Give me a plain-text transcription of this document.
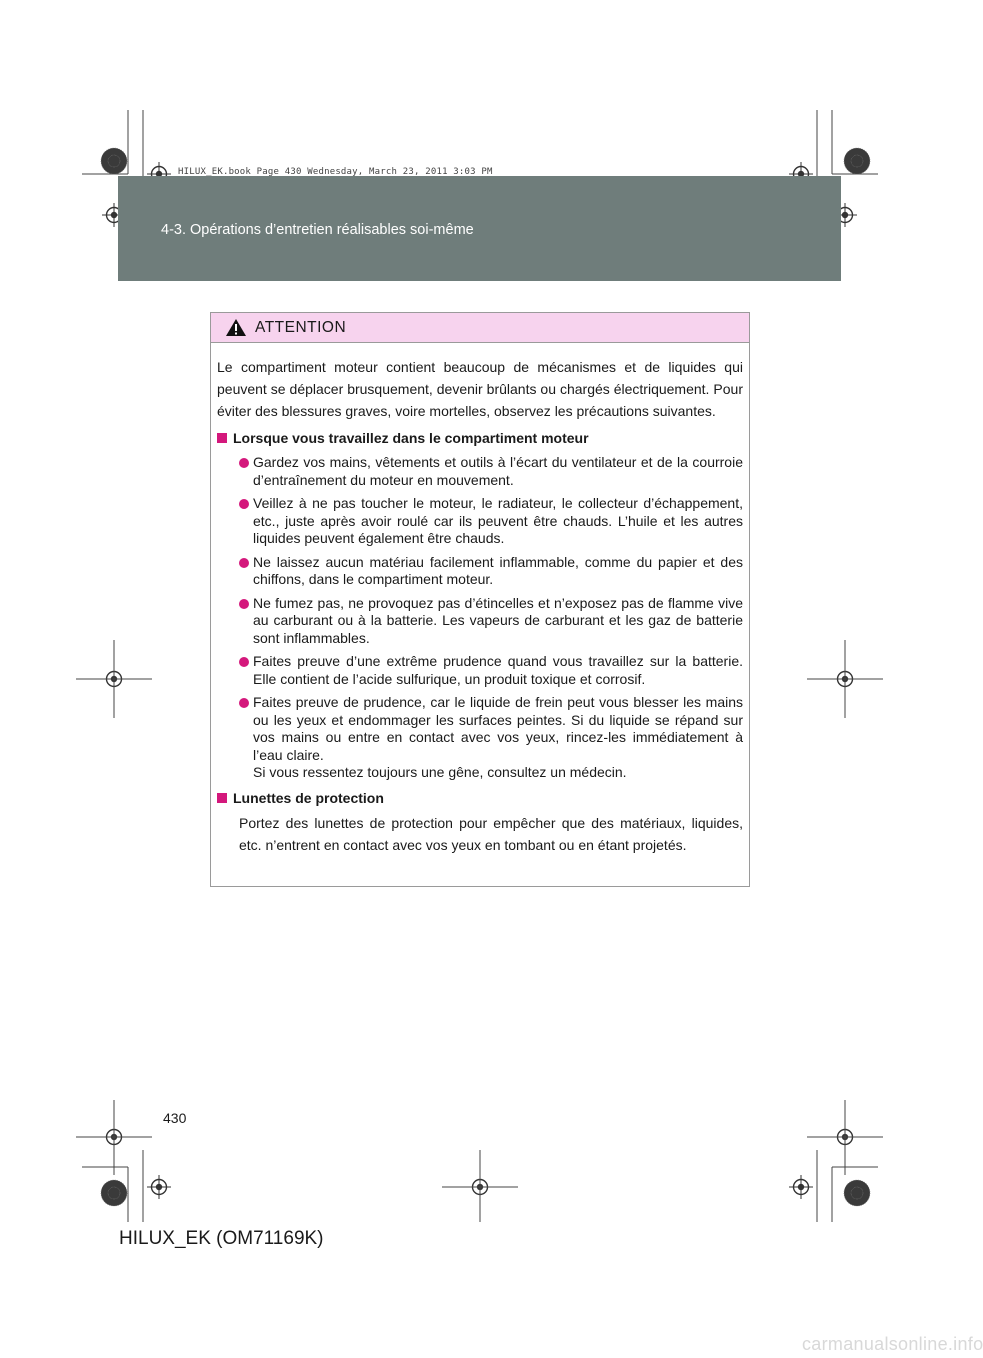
HILUX_EK.book Page 430 Wednesday, March 23, 2011 3:03 PM
4-3. Opérations d’entretien réalisables soi-même
ATTENTION

Le compartiment moteur contient beaucoup de mécanismes et de liquides qui peuvent se déplacer brusquement, devenir brûlants ou chargés électriquement. Pour éviter des blessures graves, voire mortelles, observez les précautions suivantes.

Lorsque vous travaillez dans le compartiment moteur
Gardez vos mains, vêtements et outils à l’écart du ventilateur et de la courroie d’entraînement du moteur en mouvement.
Veillez à ne pas toucher le moteur, le radiateur, le collecteur d’échappement, etc., juste après avoir roulé car ils peuvent être chauds. L’huile et les autres liquides peuvent également être chauds.
Ne laissez aucun matériau facilement inflammable, comme du papier et des chiffons, dans le compartiment moteur.
Ne fumez pas, ne provoquez pas d’étincelles et n’exposez pas de flamme vive au carburant ou à la batterie. Les vapeurs de carburant et les gaz de batterie sont inflammables.
Faites preuve d’une extrême prudence quand vous travaillez sur la batterie. Elle contient de l’acide sulfurique, un produit toxique et corrosif.
Faites preuve de prudence, car le liquide de frein peut vous blesser les mains ou les yeux et endommager les surfaces peintes. Si du liquide se répand sur vos mains ou entre en contact avec vos yeux, rincez-les immédiatement à l’eau claire.
Si vous ressentez toujours une gêne, consultez un médecin.
Lunettes de protection
Portez des lunettes de protection pour empêcher que des matériaux, liquides, etc. n’entrent en contact avec vos yeux en tombant ou en étant projetés.
430
HILUX_EK (OM71169K)
carmanualsonline.info
